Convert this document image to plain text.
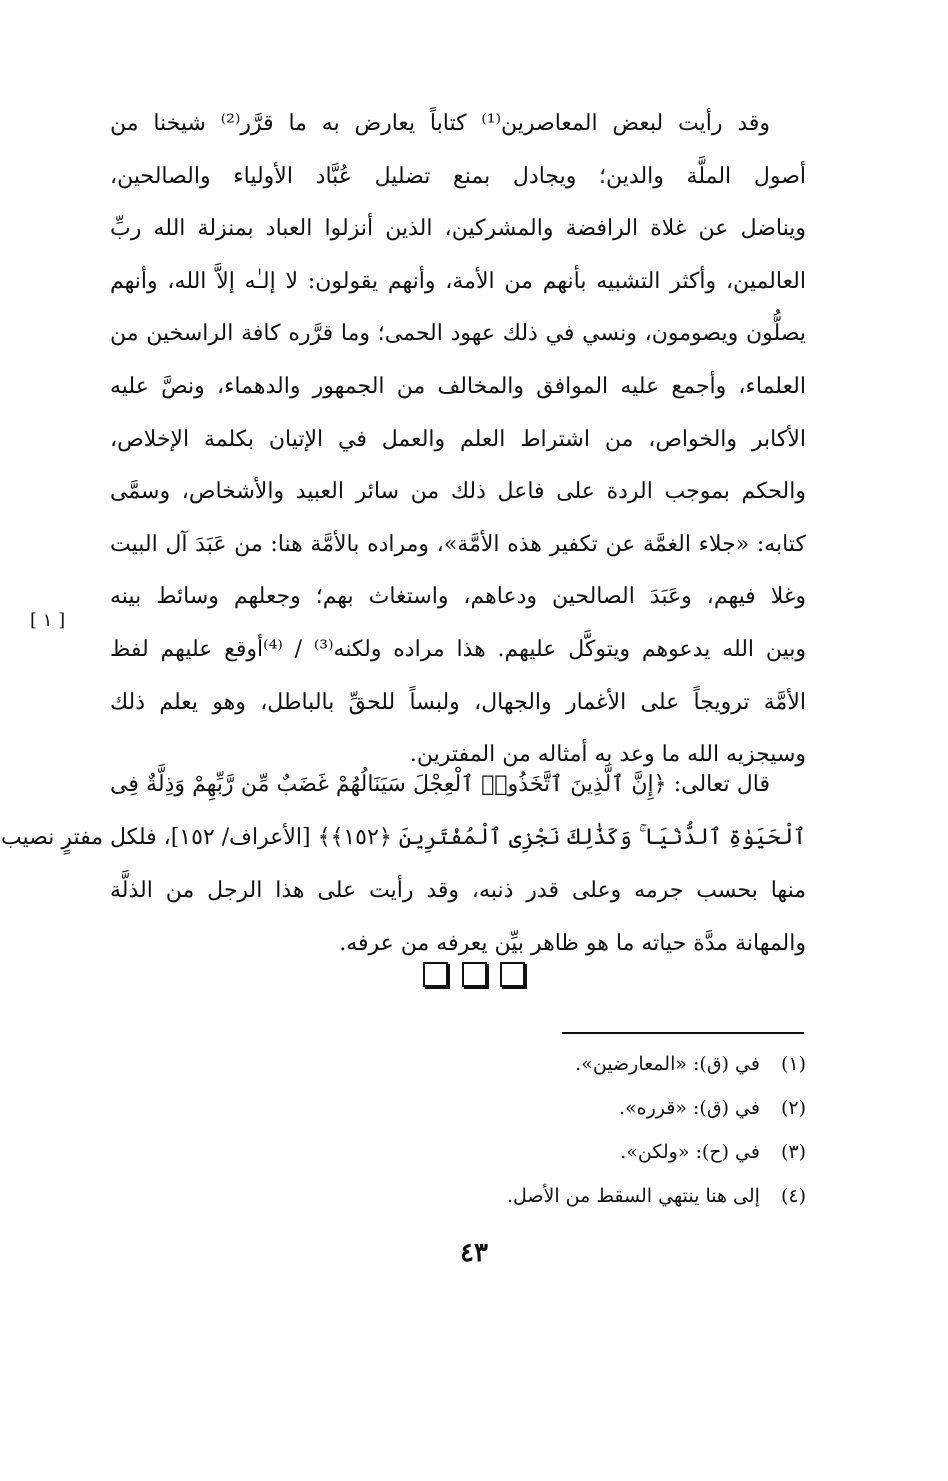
وقد رأيت لبعض المعاصرين⁽¹⁾ كتاباً يعارض به ما قرَّر⁽²⁾ شيخنا من
أصول الملَّة والدين؛ ويجادل بمنع تضليل عُبَّاد الأولياء والصالحين،
ويناضل عن غلاة الرافضة والمشركين، الذين أنزلوا العباد بمنزلة الله ربِّ
العالمين، وأكثر التشبيه بأنهم من الأمة، وأنهم يقولون: لا إلـٰه إلاَّ الله، وأنهم
يصلُّون ويصومون، ونسي في ذلك عهود الحمى؛ وما قرَّره كافة الراسخين من
العلماء، وأجمع عليه الموافق والمخالف من الجمهور والدهماء، ونصَّ عليه
الأكابر والخواص، من اشتراط العلم والعمل في الإتيان بكلمة الإخلاص،
والحكم بموجب الردة على فاعل ذلك من سائر العبيد والأشخاص، وسمَّى
كتابه: «جلاء الغمَّة عن تكفير هذه الأمَّة»، ومراده بالأمَّة هنا: من عَبَدَ آل البيت
وغلا فيهم، وعَبَدَ الصالحين ودعاهم، واستغاث بهم؛ وجعلهم وسائط بينه
وبين الله يدعوهم ويتوكَّل عليهم. هذا مراده ولكنه⁽³⁾ / ⁽⁴⁾أوقع عليهم لفظ
الأمَّة ترويجاً على الأغمار والجهال، ولبساً للحقِّ بالباطل، وهو يعلم ذلك
وسيجزيه الله ما وعد به أمثاله من المفترين.
[ ١ ]
قال تعالى: ﴿إِنَّ ٱلَّذِينَ ٱتَّخَذُوا۟ ٱلْعِجْلَ سَيَنَالُهُمْ غَضَبٌ مِّن رَّبِّهِمْ وَذِلَّةٌ فِى
ٱلْحَيَوٰةِ ٱلدُّنْيَا ۚ وَكَذَٰلِكَ نَجْزِى ٱلْمُفْتَرِينَ ﴿١٥٢﴾﴾ [الأعراف/ ١٥٢]، فلكل مفترٍ نصيب
منها بحسب جرمه وعلى قدر ذنبه، وقد رأيت على هذا الرجل من الذلَّة
والمهانة مدَّة حياته ما هو ظاهر بيِّن يعرفه من عرفه.

(١) في (ق): «المعارضين».
(٢) في (ق): «قرره».
(٣) في (ح): «ولكن».
(٤) إلى هنا ينتهي السقط من الأصل.
٤٣
